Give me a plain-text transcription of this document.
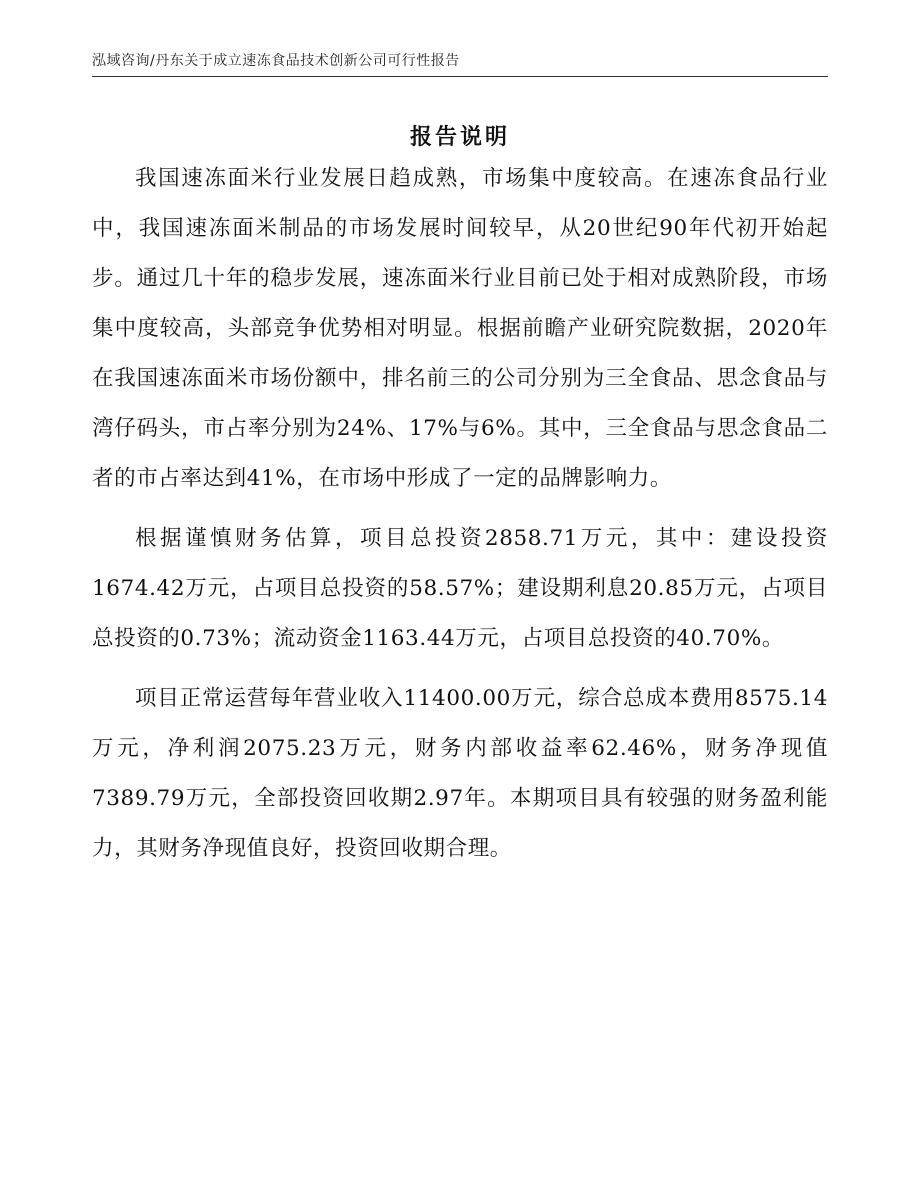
泓域咨询/丹东关于成立速冻食品技术创新公司可行性报告
报告说明

我国速冻面米行业发展日趋成熟，市场集中度较高。在速冻食品行业中，我国速冻面米制品的市场发展时间较早，从20世纪90年代初开始起步。通过几十年的稳步发展，速冻面米行业目前已处于相对成熟阶段，市场集中度较高，头部竞争优势相对明显。根据前瞻产业研究院数据，2020年在我国速冻面米市场份额中，排名前三的公司分别为三全食品、思念食品与湾仔码头，市占率分别为24%、17%与6%。其中，三全食品与思念食品二者的市占率达到41%，在市场中形成了一定的品牌影响力。

根据谨慎财务估算，项目总投资2858.71万元，其中：建设投资1674.42万元，占项目总投资的58.57%；建设期利息20.85万元，占项目总投资的0.73%；流动资金1163.44万元，占项目总投资的40.70%。

项目正常运营每年营业收入11400.00万元，综合总成本费用8575.14万元，净利润2075.23万元，财务内部收益率62.46%，财务净现值7389.79万元，全部投资回收期2.97年。本期项目具有较强的财务盈利能力，其财务净现值良好，投资回收期合理。
